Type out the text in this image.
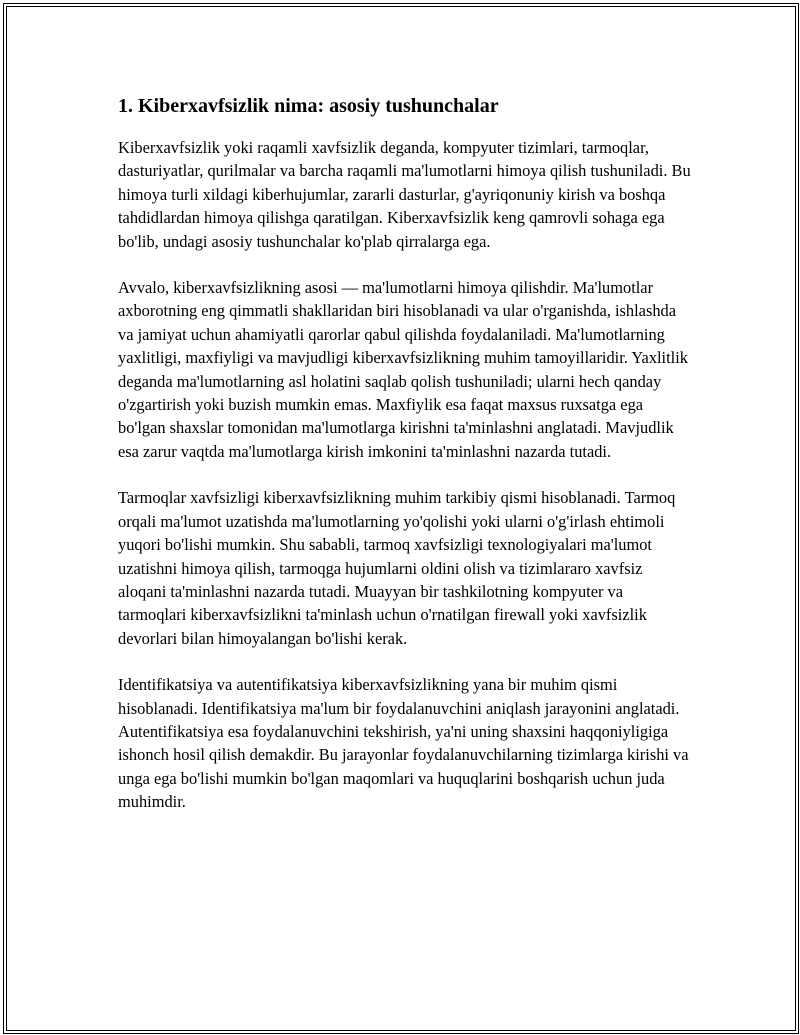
1. Kiberxavfsizlik nima: asosiy tushunchalar

Kiberxavfsizlik yoki raqamli xavfsizlik deganda, kompyuter tizimlari, tarmoqlar, dasturiyatlar, qurilmalar va barcha raqamli ma'lumotlarni himoya qilish tushuniladi. Bu himoya turli xildagi kiberhujumlar, zararli dasturlar, g'ayriqonuniy kirish va boshqa tahdidlardan himoya qilishga qaratilgan. Kiberxavfsizlik keng qamrovli sohaga ega bo'lib, undagi asosiy tushunchalar ko'plab qirralarga ega.

Avvalo, kiberxavfsizlikning asosi — ma'lumotlarni himoya qilishdir. Ma'lumotlar axborotning eng qimmatli shakllaridan biri hisoblanadi va ular o'rganishda, ishlashda va jamiyat uchun ahamiyatli qarorlar qabul qilishda foydalaniladi. Ma'lumotlarning yaxlitligi, maxfiyligi va mavjudligi kiberxavfsizlikning muhim tamoyillaridir. Yaxlitlik deganda ma'lumotlarning asl holatini saqlab qolish tushuniladi; ularni hech qanday o'zgartirish yoki buzish mumkin emas. Maxfiylik esa faqat maxsus ruxsatga ega bo'lgan shaxslar tomonidan ma'lumotlarga kirishni ta'minlashni anglatadi. Mavjudlik esa zarur vaqtda ma'lumotlarga kirish imkonini ta'minlashni nazarda tutadi.

Tarmoqlar xavfsizligi kiberxavfsizlikning muhim tarkibiy qismi hisoblanadi. Tarmoq orqali ma'lumot uzatishda ma'lumotlarning yo'qolishi yoki ularni o'g'irlash ehtimoli yuqori bo'lishi mumkin. Shu sababli, tarmoq xavfsizligi texnologiyalari ma'lumot uzatishni himoya qilish, tarmoqga hujumlarni oldini olish va tizimlararo xavfsiz aloqani ta'minlashni nazarda tutadi. Muayyan bir tashkilotning kompyuter va tarmoqlari kiberxavfsizlikni ta'minlash uchun o'rnatilgan firewall yoki xavfsizlik devorlari bilan himoyalangan bo'lishi kerak.

Identifikatsiya va autentifikatsiya kiberxavfsizlikning yana bir muhim qismi hisoblanadi. Identifikatsiya ma'lum bir foydalanuvchini aniqlash jarayonini anglatadi. Autentifikatsiya esa foydalanuvchini tekshirish, ya'ni uning shaxsini haqqoniyligiga ishonch hosil qilish demakdir. Bu jarayonlar foydalanuvchilarning tizimlarga kirishi va unga ega bo'lishi mumkin bo'lgan maqomlari va huquqlarini boshqarish uchun juda muhimdir.
